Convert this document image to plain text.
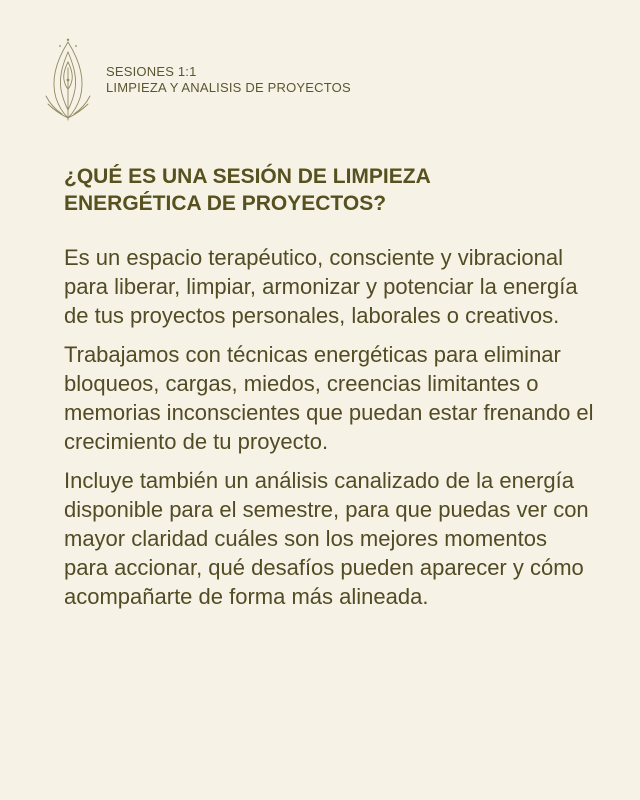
SESIONES 1:1
LIMPIEZA Y ANALISIS DE PROYECTOS
¿QUÉ ES UNA SESIÓN DE LIMPIEZA
ENERGÉTICA DE PROYECTOS?

Es un espacio terapéutico, consciente y vibracional para liberar, limpiar, armonizar y potenciar la energía de tus proyectos personales, laborales o creativos.

Trabajamos con técnicas energéticas para eliminar bloqueos, cargas, miedos, creencias limitantes o memorias inconscientes que puedan estar frenando el crecimiento de tu proyecto.

Incluye también un análisis canalizado de la energía disponible para el semestre, para que puedas ver con mayor claridad cuáles son los mejores momentos para accionar, qué desafíos pueden aparecer y cómo acompañarte de forma más alineada.
